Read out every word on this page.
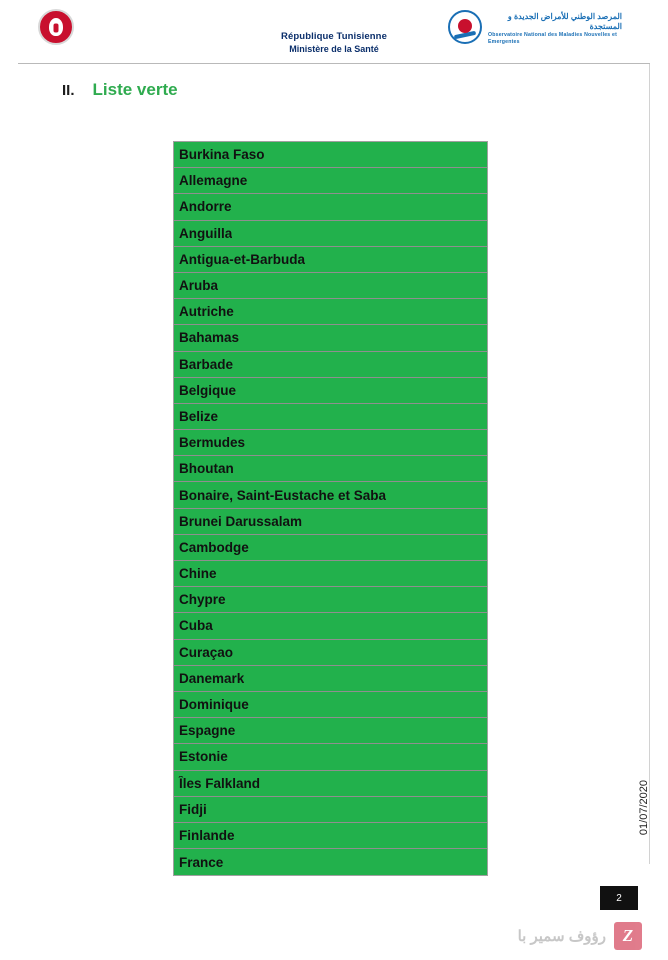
République Tunisienne
Ministère de la Santé
المرصد الوطني للأمراض الجديدة و المستجدة
Observatoire National des Maladies Nouvelles et Emergentes
II. Liste verte
Burkina Faso
Allemagne
Andorre
Anguilla
Antigua-et-Barbuda
Aruba
Autriche
Bahamas
Barbade
Belgique
Belize
Bermudes
Bhoutan
Bonaire, Saint-Eustache et Saba
Brunei Darussalam
Cambodge
Chine
Chypre
Cuba
Curaçao
Danemark
Dominique
Espagne
Estonie
Îles Falkland
Fidji
Finlande
France
01/07/2020
2
رؤوف سمير با
Z
